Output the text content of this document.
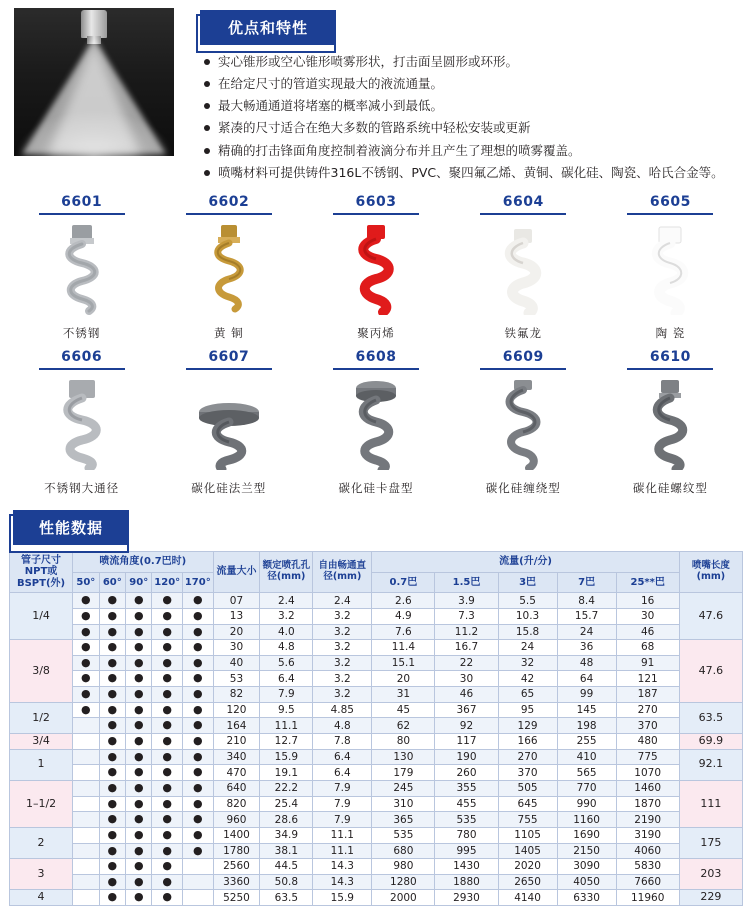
优点和特性
实心锥形或空心锥形喷雾形状，打击面呈圆形或环形。
在给定尺寸的管道实现最大的液流通量。
最大畅通通道将堵塞的概率减小到最低。
紧凑的尺寸适合在绝大多数的管路系统中轻松安装或更新
精确的打击锋面角度控制着液滴分布并且产生了理想的喷雾覆盖。
喷嘴材料可提供铸件316L不锈钢、PVC、聚四氟乙烯、黄铜、碳化硅、陶瓷、哈氏合金等。
6601
不锈钢
6602
黄 铜
6603
聚丙烯
6604
铁氟龙
6605
陶 瓷
6606
不锈钢大通径
6607
碳化硅法兰型
6608
碳化硅卡盘型
6609
碳化硅缠绕型
6610
碳化硅螺纹型
性能数据
管子尺寸NPT或BSPT(外)	喷流角度(0.7巴时)					流量大小	额定喷孔孔径(mm)	自由畅通直径(mm)	流量(升/分)					喷嘴长度(mm)
	50°	60°	90°	120°	170°				0.7巴	1.5巴	3巴	7巴	25**巴	
1/4	●	●	●	●	●	07	2.4	2.4	2.6	3.9	5.5	8.4	16	47.6
	●	●	●	●	●	13	3.2	3.2	4.9	7.3	10.3	15.7	30	
	●	●	●	●	●	20	4.0	3.2	7.6	11.2	15.8	24	46	
3/8	●	●	●	●	●	30	4.8	3.2	11.4	16.7	24	36	68	47.6
	●	●	●	●	●	40	5.6	3.2	15.1	22	32	48	91	
	●	●	●	●	●	53	6.4	3.2	20	30	42	64	121	
	●	●	●	●	●	82	7.9	3.2	31	46	65	99	187	
1/2	●	●	●	●	●	120	9.5	4.85	45	367	95	145	270	63.5
		●	●	●	●	164	11.1	4.8	62	92	129	198	370	
3/4		●	●	●	●	210	12.7	7.8	80	117	166	255	480	69.9
1		●	●	●	●	340	15.9	6.4	130	190	270	410	775	92.1
		●	●	●	●	470	19.1	6.4	179	260	370	565	1070	
1–1/2		●	●	●	●	640	22.2	7.9	245	355	505	770	1460	111
		●	●	●	●	820	25.4	7.9	310	455	645	990	1870	
		●	●	●	●	960	28.6	7.9	365	535	755	1160	2190	
2		●	●	●	●	1400	34.9	11.1	535	780	1105	1690	3190	175
		●	●	●	●	1780	38.1	11.1	680	995	1405	2150	4060	
3		●	●	●		2560	44.5	14.3	980	1430	2020	3090	5830	203
		●	●	●		3360	50.8	14.3	1280	1880	2650	4050	7660	
4		●	●	●		5250	63.5	15.9	2000	2930	4140	6330	11960	229
